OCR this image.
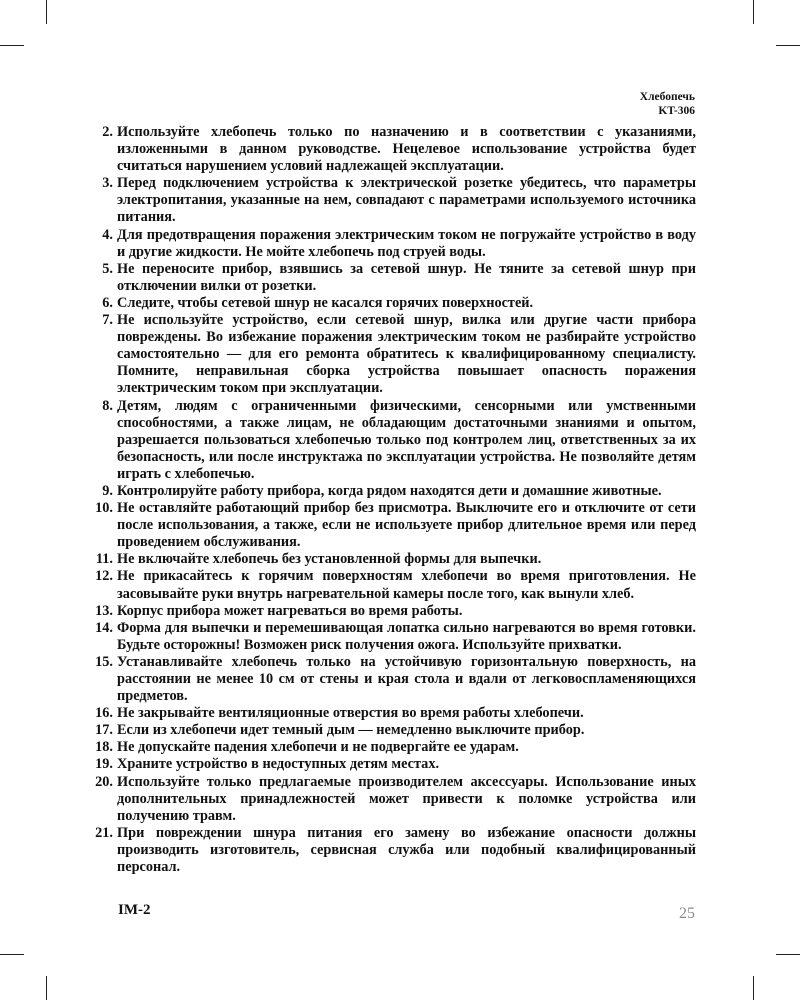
Хлебопечь
KT-306
2. Используйте хлебопечь только по назначению и в соответствии с указаниями, изложенными в данном руководстве. Нецелевое использование устройства будет считаться нарушением условий надлежащей эксплуатации.
3. Перед подключением устройства к электрической розетке убедитесь, что параметры электропитания, указанные на нем, совпадают с параметрами используемого источника питания.
4. Для предотвращения поражения электрическим током не погружайте устройство в воду и другие жидкости. Не мойте хлебопечь под струей воды.
5. Не переносите прибор, взявшись за сетевой шнур. Не тяните за сетевой шнур при отключении вилки от розетки.
6. Следите, чтобы сетевой шнур не касался горячих поверхностей.
7. Не используйте устройство, если сетевой шнур, вилка или другие части прибора повреждены. Во избежание поражения электрическим током не разбирайте устройство самостоятельно — для его ремонта обратитесь к квалифицированному специалисту. Помните, неправильная сборка устройства повышает опасность поражения электрическим током при эксплуатации.
8. Детям, людям с ограниченными физическими, сенсорными или умственными способностями, а также лицам, не обладающим достаточными знаниями и опытом, разрешается пользоваться хлебопечью только под контролем лиц, ответственных за их безопасность, или после инструктажа по эксплуатации устройства. Не позволяйте детям играть с хлебопечью.
9. Контролируйте работу прибора, когда рядом находятся дети и домашние животные.
10. Не оставляйте работающий прибор без присмотра. Выключите его и отключите от сети после использования, а также, если не используете прибор длительное время или перед проведением обслуживания.
11. Не включайте хлебопечь без установленной формы для выпечки.
12. Не прикасайтесь к горячим поверхностям хлебопечи во время приготовления. Не засовывайте руки внутрь нагревательной камеры после того, как вынули хлеб.
13. Корпус прибора может нагреваться во время работы.
14. Форма для выпечки и перемешивающая лопатка сильно нагреваются во время готовки. Будьте осторожны! Возможен риск получения ожога. Используйте прихватки.
15. Устанавливайте хлебопечь только на устойчивую горизонтальную поверхность, на расстоянии не менее 10 см от стены и края стола и вдали от легковоспламеняющихся предметов.
16. Не закрывайте вентиляционные отверстия во время работы хлебопечи.
17. Если из хлебопечи идет темный дым — немедленно выключите прибор.
18. Не допускайте падения хлебопечи и не подвергайте ее ударам.
19. Храните устройство в недоступных детям местах.
20. Используйте только предлагаемые производителем аксессуары. Использование иных дополнительных принадлежностей может привести к поломке устройства или получению травм.
21. При повреждении шнура питания его замену во избежание опасности должны производить изготовитель, сервисная служба или подобный квалифицированный персонал.
IM-2	25
